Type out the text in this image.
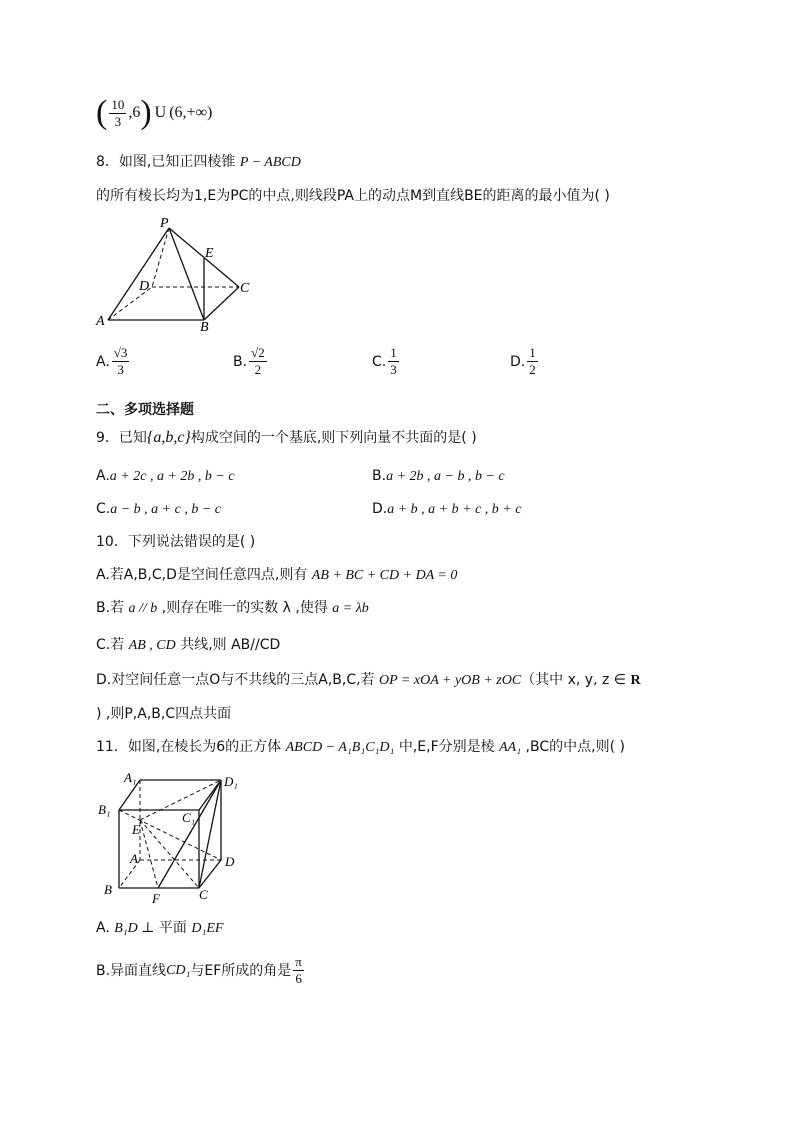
( $\frac{10}{3} ,6$ ) U (6,+∞)
8．如图,已知正四棱锥 P − ABCD
的所有棱长均为1,E为PC的中点,则线段PA上的动点M到直线BE的距离的最小值为( )
P
E
D	C
A	B
A. $\frac{√3}{3}$	B. $\frac{√2}{2}$	C. $\frac{1}{3}$	D. $\frac{1}{2}$
二、多项选择题
9．已知{a,b,c}构成空间的一个基底,则下列向量不共面的是( )
A.a + 2c , a + 2b , b − c	B.a + 2b , a − b , b − c
C.a − b , a + c , b − c	D.a + b , a + b + c , b + c
10．下列说法错误的是( )
A.若A,B,C,D是空间任意四点,则有 AB + BC + CD + DA = 0
B.若 a // b ,则存在唯一的实数 λ ,使得 a = λb
C.若 AB , CD 共线,则 AB//CD
D.对空间任意一点O与不共线的三点A,B,C,若 OP = xOA + yOB + zOC（其中 x, y, z ∈ R
) ,则P,A,B,C四点共面
11．如图,在棱长为6的正方体 ABCD − A₁B₁C₁D₁ 中,E,F分别是棱 AA₁ ,BC的中点,则( )
A₁	D₁
B₁
C₁
E
A	D
B	C
F
A. B₁D ⊥ 平面 D₁EF
B.异面直线 CD₁ 与EF所成的角是 $\frac{\pi}{6}$
